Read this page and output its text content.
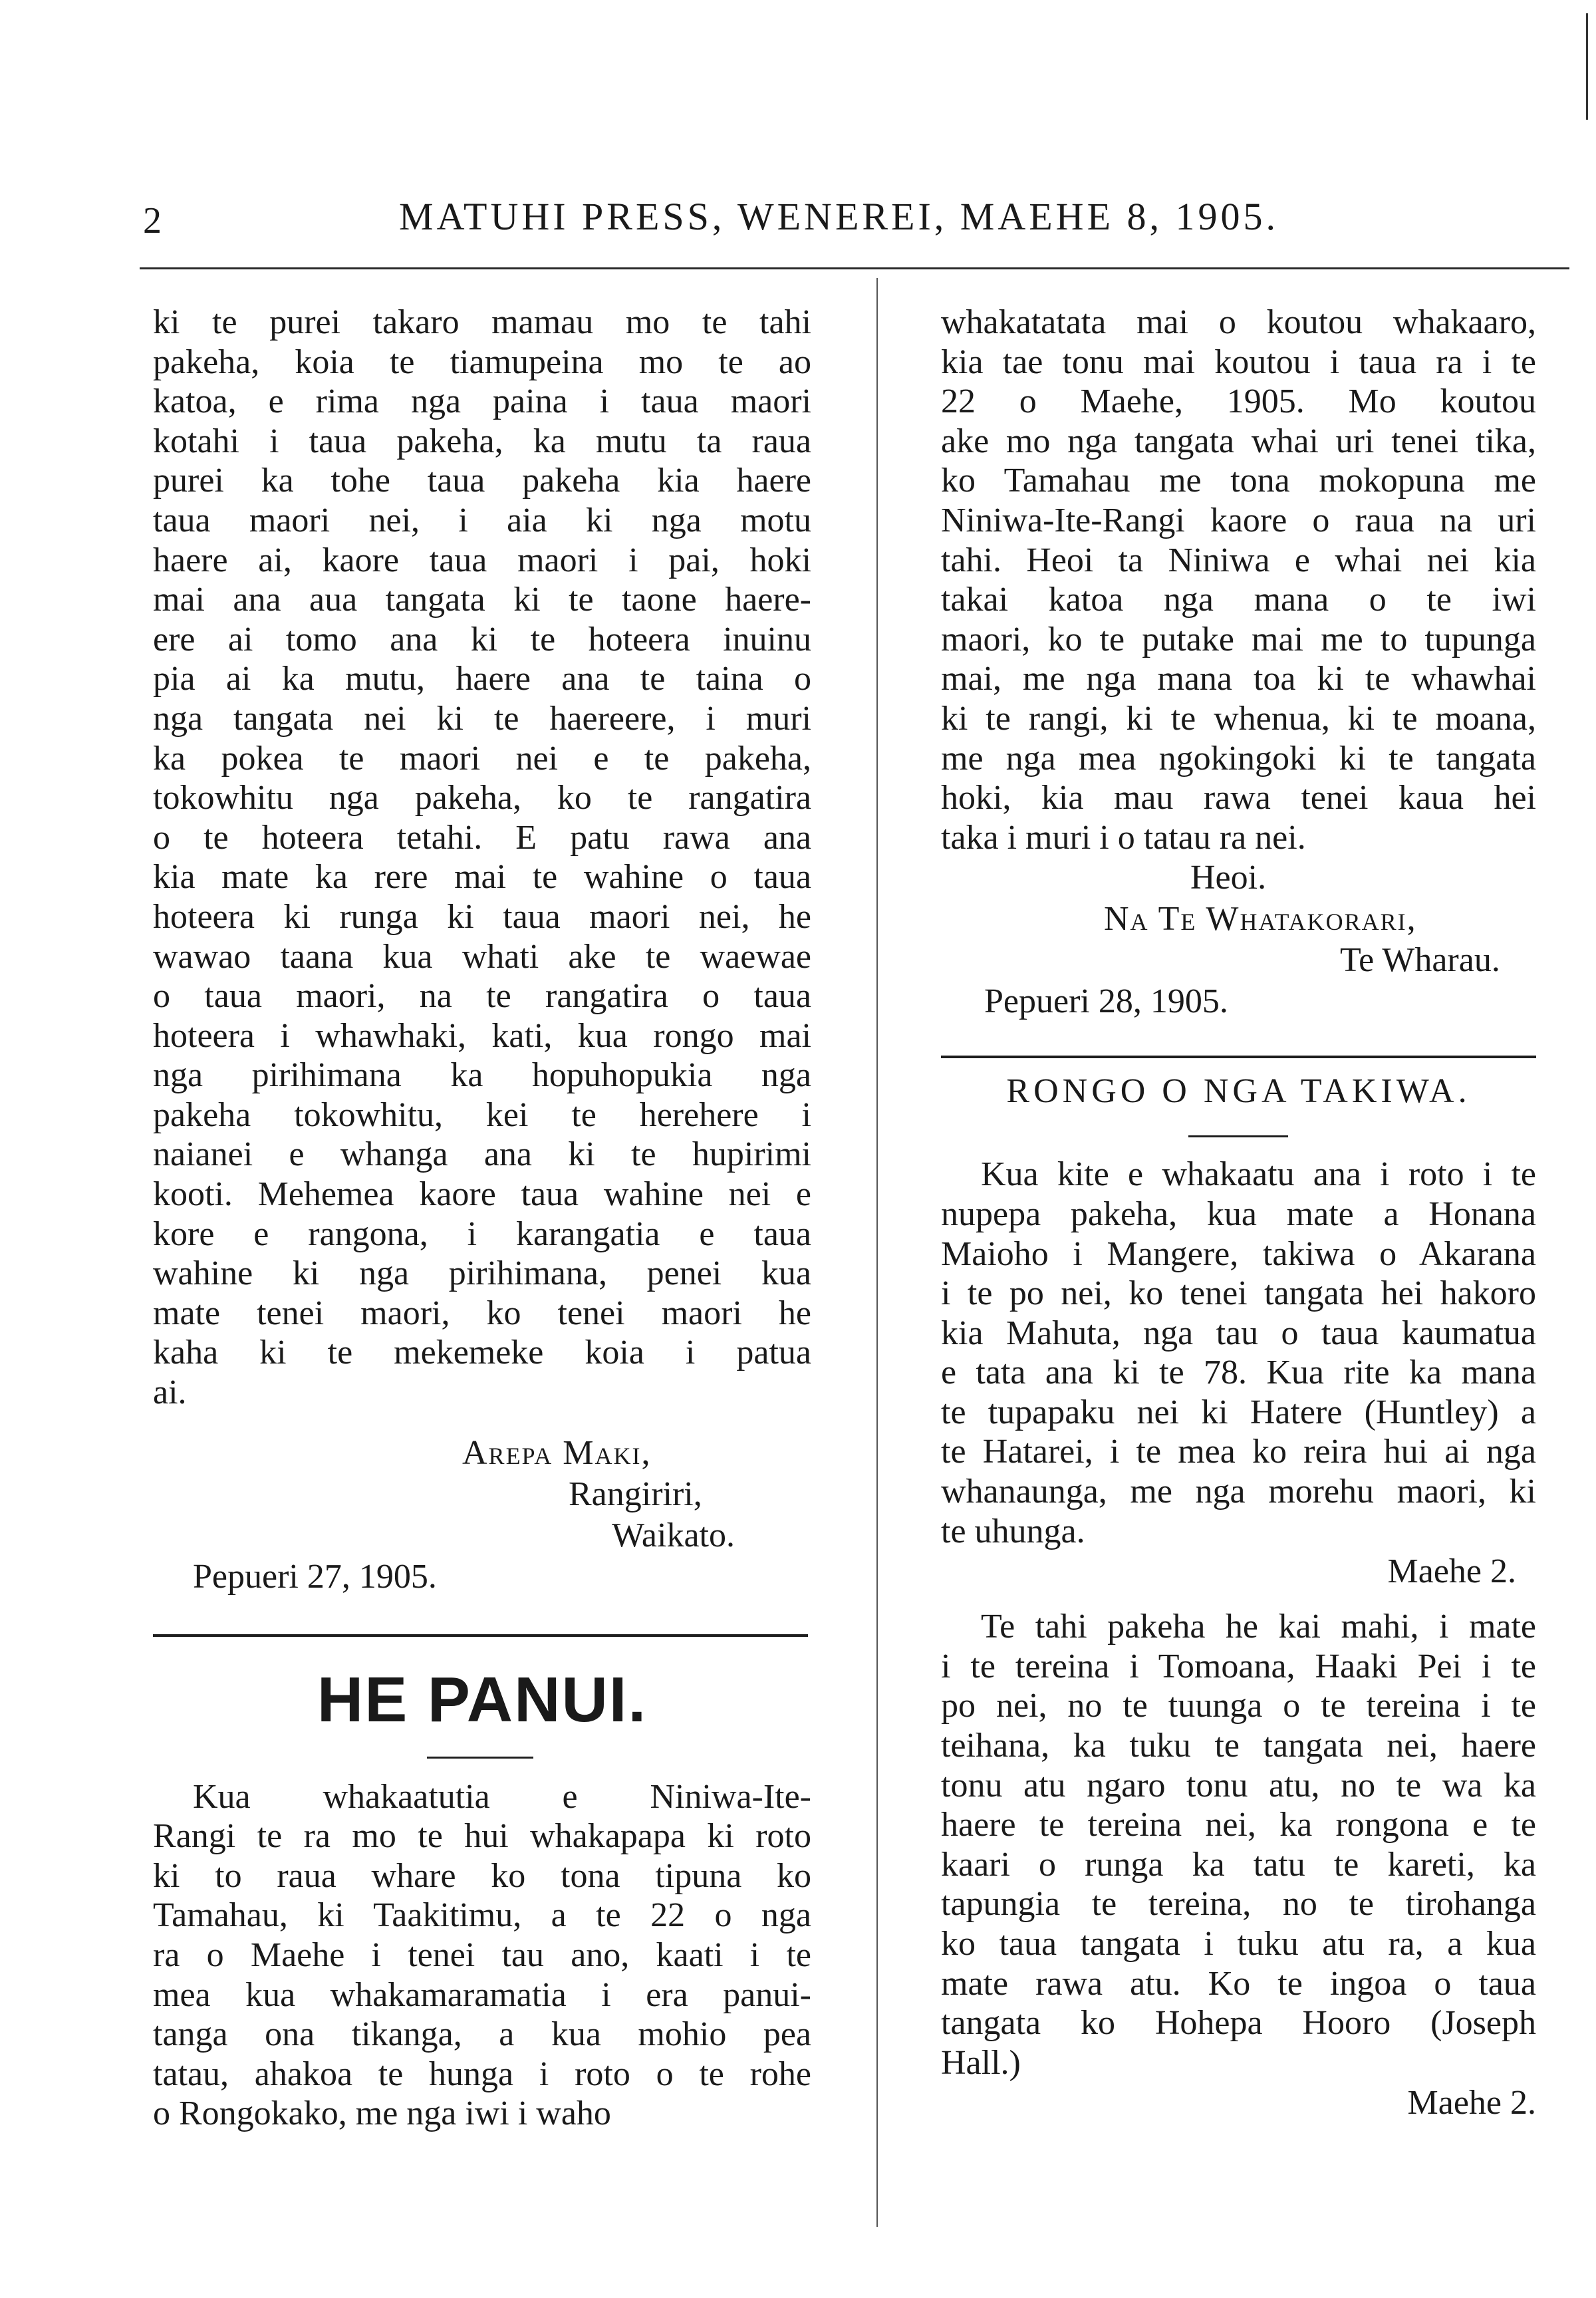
2	MATUHI PRESS, WENEREI, MAEHE 8, 1905.
ki te purei takaro mamau mo te tahi
pakeha, koia te tiamupeina mo te ao
katoa, e rima nga paina i taua maori
kotahi i taua pakeha, ka mutu ta raua
purei ka tohe taua pakeha kia haere
taua maori nei, i aia ki nga motu
haere ai, kaore taua maori i pai, hoki
mai ana aua tangata ki te taone haere-
ere ai tomo ana ki te hoteera inuinu
pia ai ka mutu, haere ana te taina o
nga tangata nei ki te haereere, i muri
ka pokea te maori nei e te pakeha,
tokowhitu nga pakeha, ko te rangatira
o te hoteera tetahi. E patu rawa ana
kia mate ka rere mai te wahine o taua
hoteera ki runga ki taua maori nei, he
wawao taana kua whati ake te waewae
o taua maori, na te rangatira o taua
hoteera i whawhaki, kati, kua rongo mai
nga pirihimana ka hopuhopukia nga
pakeha tokowhitu, kei te herehere i
naianei e whanga ana ki te hupirimi
kooti. Mehemea kaore taua wahine nei e
kore e rangona, i karangatia e taua
wahine ki nga pirihimana, penei kua
mate tenei maori, ko tenei maori he
kaha ki te mekemeke koia i patua
ai.
Arepa Maki,
Rangiriri,
Waikato.
Pepueri 27, 1905.
HE PANUI.
Kua whakaatutia e Niniwa-Ite-
Rangi te ra mo te hui whakapapa ki roto
ki to raua whare ko tona tipuna ko
Tamahau, ki Taakitimu, a te 22 o nga
ra o Maehe i tenei tau ano, kaati i te
mea kua whakamaramatia i era panui-
tanga ona tikanga, a kua mohio pea
tatau, ahakoa te hunga i roto o te rohe
o Rongokako, me nga iwi i waho
whakatatata mai o koutou whakaaro,
kia tae tonu mai koutou i taua ra i te
22 o Maehe, 1905. Mo koutou
ake mo nga tangata whai uri tenei tika,
ko Tamahau me tona mokopuna me
Niniwa-Ite-Rangi kaore o raua na uri
tahi. Heoi ta Niniwa e whai nei kia
takai katoa nga mana o te iwi
maori, ko te putake mai me to tupunga
mai, me nga mana toa ki te whawhai
ki te rangi, ki te whenua, ki te moana,
me nga mea ngokingoki ki te tangata
hoki, kia mau rawa tenei kaua hei
taka i muri i o tatau ra nei.
Heoi.
Na Te Whatakorari,
Te Wharau.
Pepueri 28, 1905.
RONGO O NGA TAKIWA.
Kua kite e whakaatu ana i roto i te
nupepa pakeha, kua mate a Honana
Maioho i Mangere, takiwa o Akarana
i te po nei, ko tenei tangata hei hakoro
kia Mahuta, nga tau o taua kaumatua
e tata ana ki te 78. Kua rite ka mana
te tupapaku nei ki Hatere (Huntley) a
te Hatarei, i te mea ko reira hui ai nga
whanaunga, me nga morehu maori, ki
te uhunga.
Maehe 2.
Te tahi pakeha he kai mahi, i mate
i te tereina i Tomoana, Haaki Pei i te
po nei, no te tuunga o te tereina i te
teihana, ka tuku te tangata nei, haere
tonu atu ngaro tonu atu, no te wa ka
haere te tereina nei, ka rongona e te
kaari o runga ka tatu te kareti, ka
tapungia te tereina, no te tirohanga
ko taua tangata i tuku atu ra, a kua
mate rawa atu. Ko te ingoa o taua
tangata ko Hohepa Hooro (Joseph
Hall.)
Maehe 2.
